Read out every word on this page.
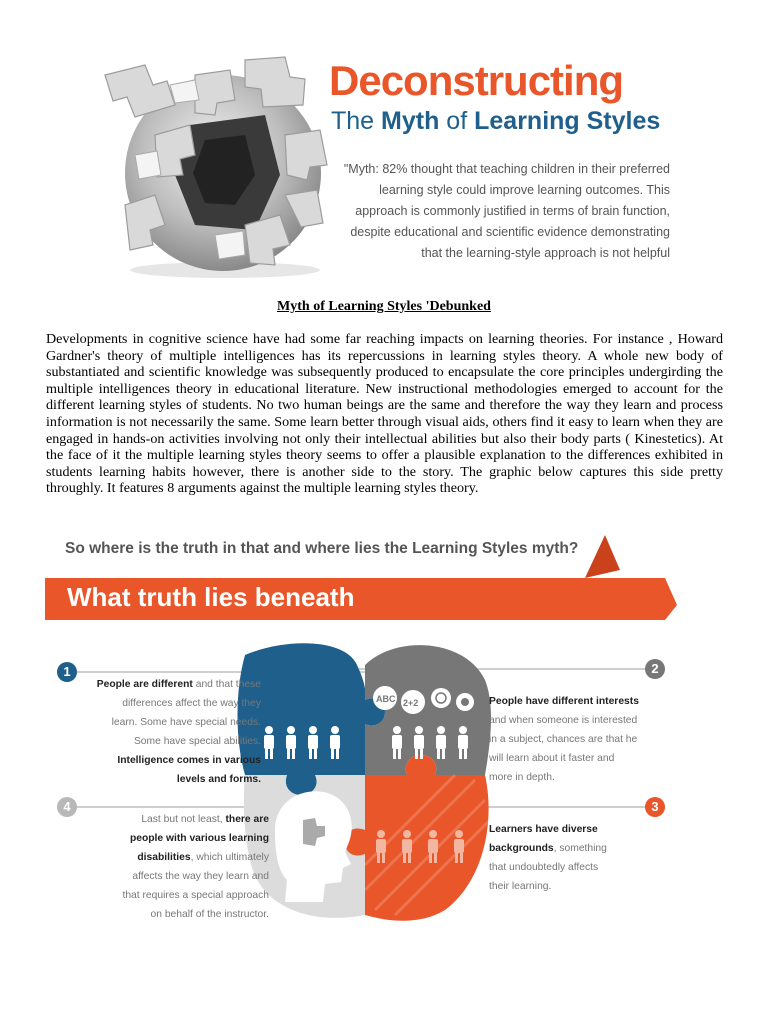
Deconstructing
The Myth of Learning Styles
"Myth: 82% thought that teaching children in their preferred
learning style could improve learning outcomes. This
approach is commonly justified in terms of brain function,
despite educational and scientific evidence demonstrating
that the learning-style approach is not helpful
Myth of Learning Styles 'Debunked
Developments in cognitive science have had some far reaching impacts on learning theories. For instance , Howard Gardner's theory of multiple intelligences has its repercussions in learning styles theory. A whole new body of substantiated and scientific knowledge was subsequently produced to encapsulate the core principles undergirding the multiple intelligences theory in educational literature. New instructional methodologies emerged to account for the different learning styles of students. No two human beings are the same and therefore the way they learn and process information is not necessarily the same. Some learn better through visual aids, others find it easy to learn when they are engaged in hands-on activities involving not only their intellectual abilities but also their body parts ( Kinestetics). At the face of it the multiple learning styles theory seems to offer a plausible explanation to the differences exhibited in students learning habits however, there is another side to the story. The graphic below captures this side pretty throughly. It features 8 arguments against the multiple learning styles theory.
ABC 2+2
So where is the truth in that and where lies the Learning Styles myth?
What truth lies beneath
1	2
3
4
People are different and that these
differences affect the way they
learn. Some have special needs.
Some have special abilities.
Intelligence comes in various
levels and forms.
People have different interests
and when someone is interested
in a subject, chances are that he
will learn about it faster and
more in depth.
Learners have diverse
backgrounds, something
that undoubtedly affects
their learning.
Last but not least, there are
people with various learning
disabilities, which ultimately
affects the way they learn and
that requires a special approach
on behalf of the instructor.
